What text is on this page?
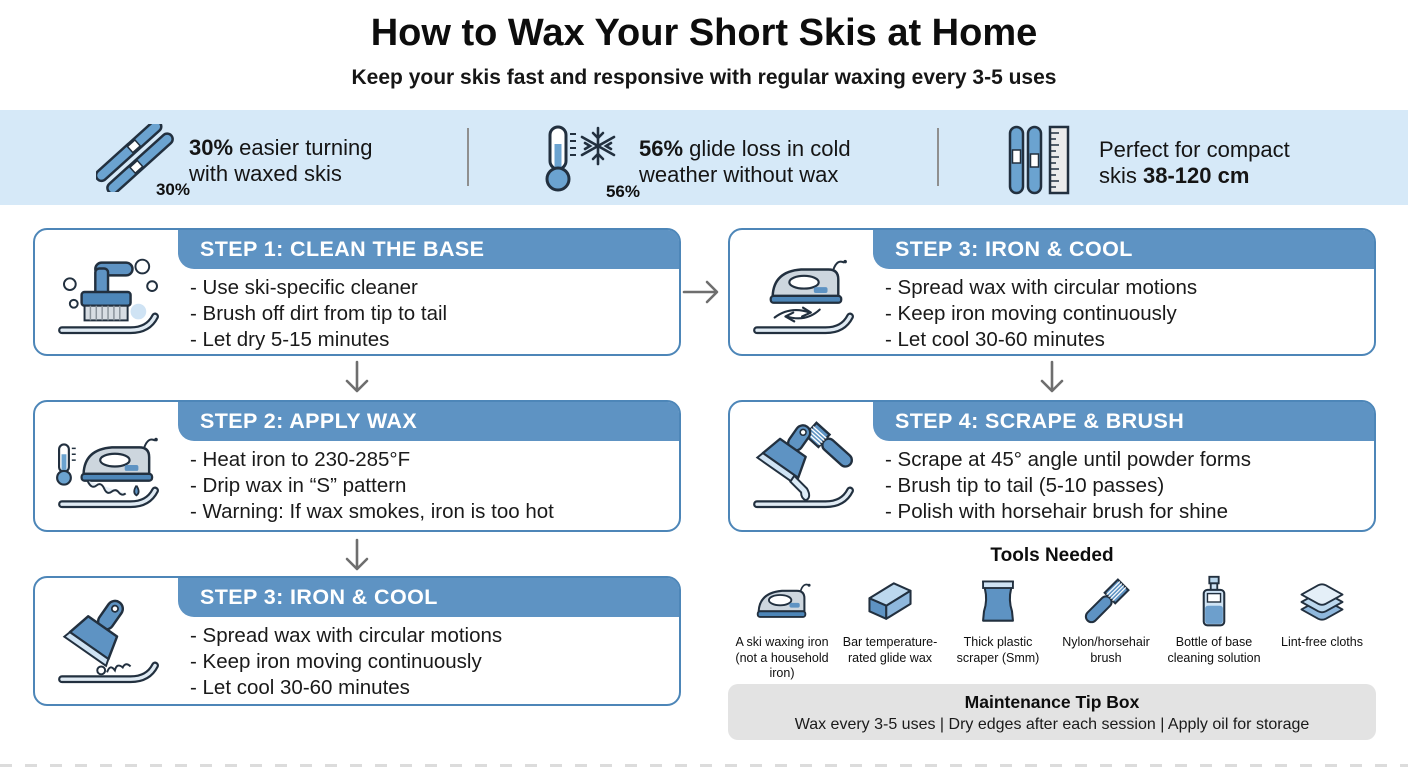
How to Wax Your Short Skis at Home
Keep your skis fast and responsive with regular waxing every 3-5 uses
30%
30% easier turning with waxed skis
56%
56% glide loss in cold weather without wax
Perfect for compact skis 38-120 cm
STEP 1: CLEAN THE BASE
- Use ski-specific cleaner
- Brush off dirt from tip to tail
- Let dry 5-15 minutes
STEP 2: APPLY WAX
- Heat iron to 230-285°F
- Drip wax in “S” pattern
- Warning: If wax smokes, iron is too hot
STEP 3: IRON & COOL
- Spread wax with circular motions
- Keep iron moving continuously
- Let cool 30-60 minutes
STEP 3: IRON & COOL
- Spread wax with circular motions
- Keep iron moving continuously
- Let cool 30-60 minutes
STEP 4: SCRAPE & BRUSH
- Scrape at 45° angle until powder forms
- Brush tip to tail (5-10 passes)
- Polish with horsehair brush for shine
Tools Needed
A ski waxing iron (not a household iron)
Bar temperature-rated glide wax
Thick plastic scraper (Smm)
Nylon/horsehair brush
Bottle of base cleaning solution
Lint-free cloths
Maintenance Tip Box
Wax every 3-5 uses | Dry edges after each session | Apply oil for storage
